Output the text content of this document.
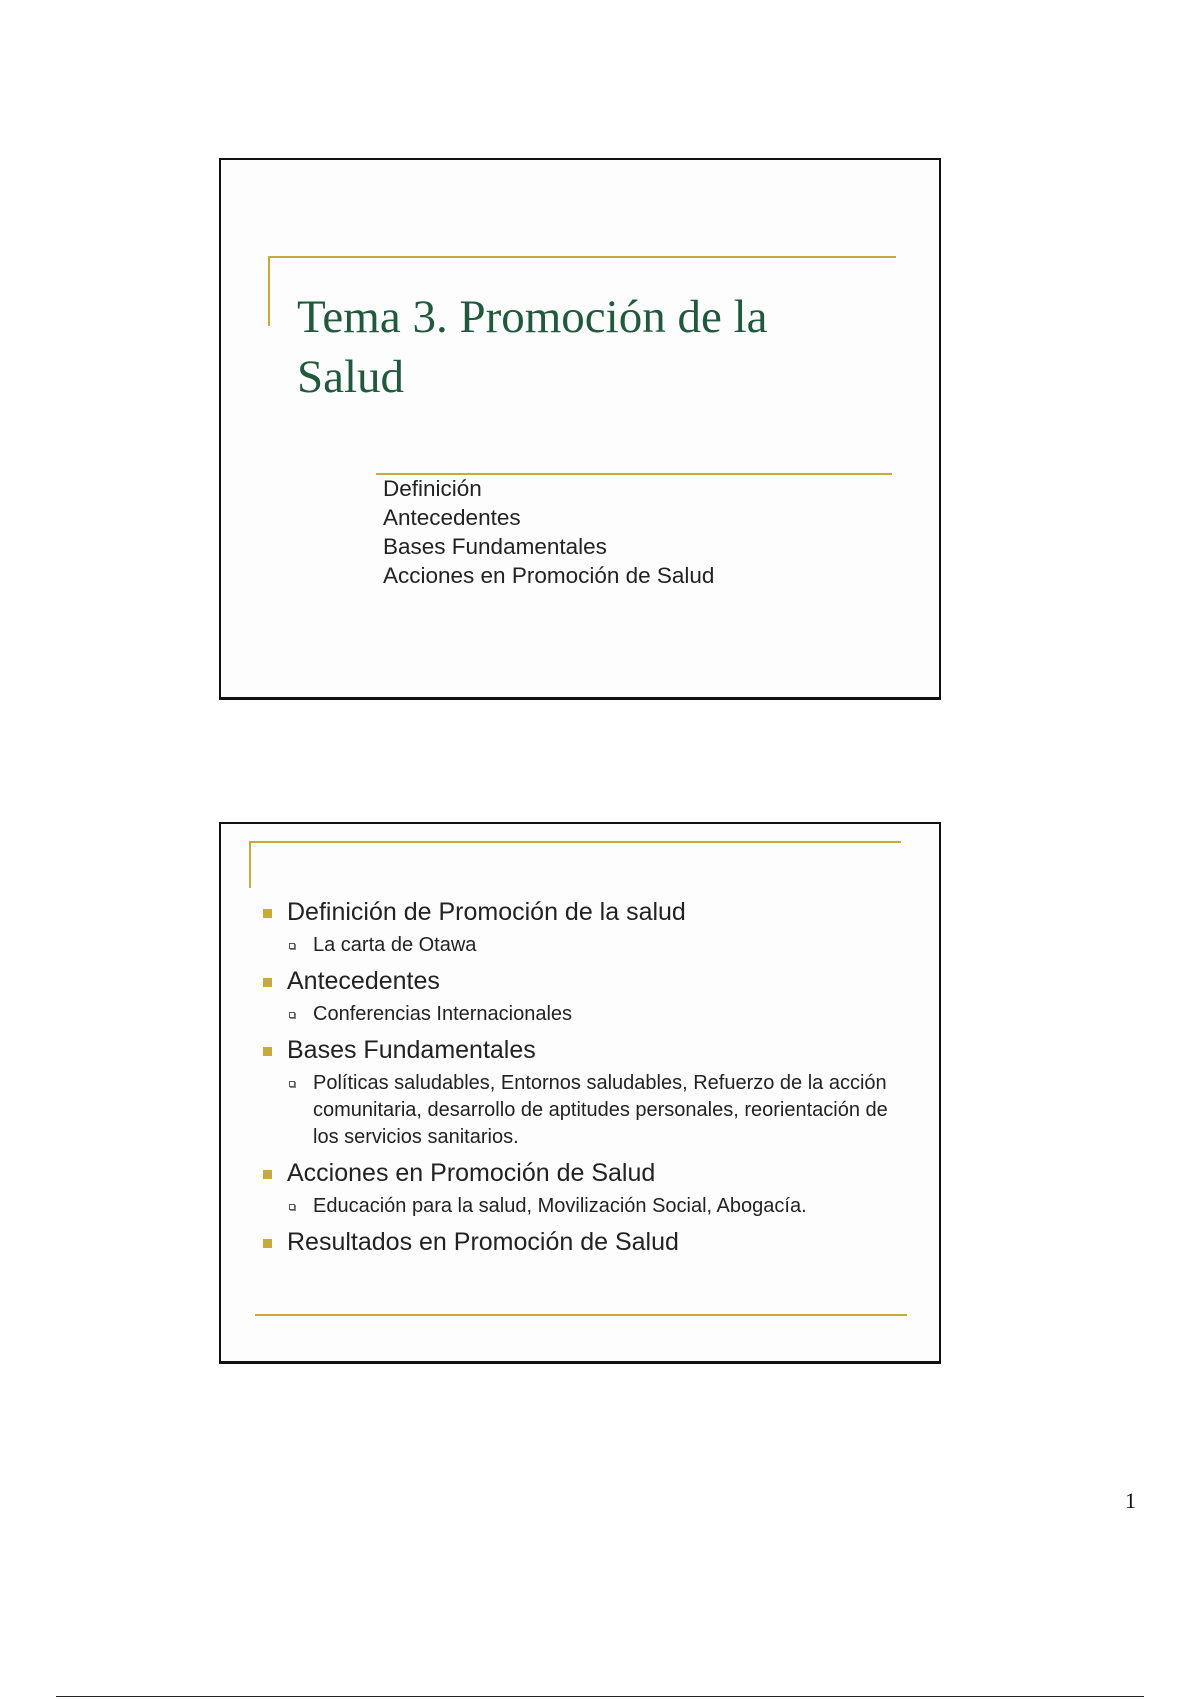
Tema 3. Promoción de la Salud
Definición
Antecedentes
Bases Fundamentales
Acciones en Promoción de Salud
Definición de Promoción de la salud
La carta de Otawa
Antecedentes
Conferencias Internacionales
Bases Fundamentales
Políticas saludables, Entornos saludables, Refuerzo de la acción comunitaria, desarrollo de aptitudes personales, reorientación de los servicios sanitarios.
Acciones en Promoción de Salud
Educación para la salud, Movilización Social, Abogacía.
Resultados en Promoción de Salud
1
